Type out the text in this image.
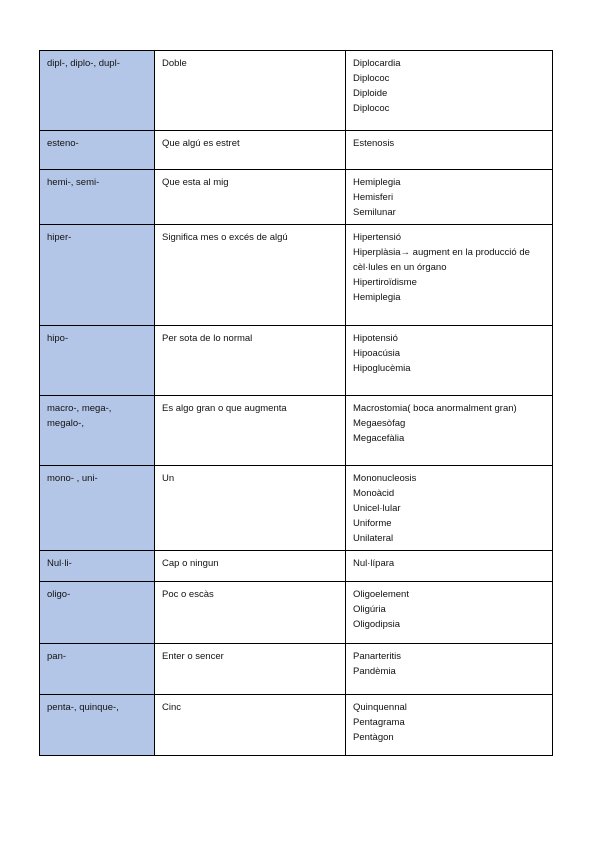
dipl-, diplo-, dupl-	Doble	Diplocardia
Diplococ
Diploide
Diplococ

esteno-	Que algú es estret	Estenosis

hemi-, semi-	Que esta al mig	Hemiplegia
Hemisferi
Semilunar

hiper-	Significa mes o excés de algú	Hipertensió
Hiperplàsia→ augment en la producció de cèl·lules en un órgano
Hipertiroïdisme
Hemiplegia

hipo-	Per sota de lo normal	Hipotensió
Hipoacúsia
Hipoglucèmia

macro-, mega-, megalo-,	Es algo gran o que augmenta	Macrostomia( boca anormalment gran)
Megaesòfag
Megacefàlia

mono- , uni-	Un	Mononucleosis
Monoàcid
Unicel·lular
Uniforme
Unilateral

Nul·li-	Cap o ningun	Nul·lípara

oligo-	Poc o escàs	Oligoelement
Oligúria
Oligodipsia

pan-	Enter o sencer	Panarteritis
Pandèmia

penta-, quinque-,	Cinc	Quinquennal
Pentagrama
Pentàgon
